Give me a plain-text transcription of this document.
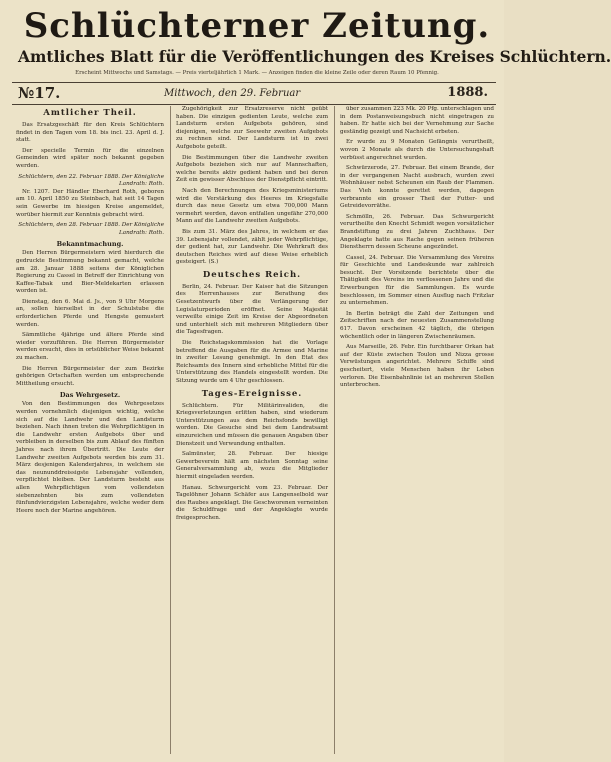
Schlüchterner Zeitung.
Amtliches Blatt für die Veröffentlichungen des Kreises Schlüchtern.
Erscheint Mittwochs und Samstags. — Preis vierteljährlich 1 Mark. — Anzeigen finden die kleine Zeile oder deren Raum 10 Pfennig.
№17.	Mittwoch, den 29. Februar	1888.
Amtlicher Theil.

Das Ersatzgeschäft für den Kreis Schlüchtern findet in den Tagen vom 18. bis incl. 23. April d. J. statt.

Der specielle Termin für die einzelnen Gemeinden wird später noch bekannt gegeben werden.

Schlüchtern, den 22. Februar 1888. Der Königliche Landrath: Roth.

Nr. 1207. Der Händler Eberhard Roth, geboren am 10. April 1850 zu Steinbach, hat seit 14 Tagen sein Gewerbe im hiesigen Kreise angemeldet, worüber hiermit zur Kenntnis gebracht wird.

Schlüchtern, den 28. Februar 1888. Der Königliche Landrath: Roth.
Bekanntmachung.

Den Herren Bürgermeistern wird hierdurch die gedruckte Bestimmung bekannt gemacht, welche am 28. Januar 1888 seitens der Königlichen Regierung zu Cassel in Betreff der Einrichtung von Kaffee-Tabak und Bier-Meldekarten erlassen worden ist.

Dienstag, den 6. Mai d. Js., von 9 Uhr Morgens an, sollen hierselbst in der Schulstube die erforderlichen Pferde und Hengste gemustert werden.

Sämmtliche 4jährige und ältere Pferde sind wieder vorzuführen. Die Herren Bürgermeister werden ersucht, dies in ortsüblicher Weise bekannt zu machen.

Die Herren Bürgermeister der zum Bezirke gehörigen Ortschaften werden um entsprechende Mittheilung ersucht.

Das Wehrgesetz.

Von den Bestimmungen des Wehrgesetzes werden vornehmlich diejenigen wichtig, welche sich auf die Landwehr und den Landsturm beziehen. Nach ihnen treten die Wehrpflichtigen in die Landwehr ersten Aufgebots über und verbleiben in derselben bis zum Ablauf des fünften Jahres nach ihrem Übertritt. Die Leute der Landwehr zweiten Aufgebots werden bis zum 31. März desjenigen Kalenderjahres, in welchem sie das neununddreissigste Lebensjahr vollenden, verpflichtet bleiben. Der Landsturm besteht aus allen Wehrpflichtigen vom vollendeten siebenzehnten bis zum vollendeten fünfundvierzigsten Lebensjahre, welche weder dem Heere noch der Marine angehören.

Zugehörigkeit zur Ersatzreserve nicht geübt haben. Die einzigen gedienten Leute, welche zum Landsturm ersten Aufgebots gehören, sind diejenigen, welche zur Seewehr zweiten Aufgebots zu rechnen sind. Der Landsturm ist in zwei Aufgebote geteilt.

Die Bestimmungen über die Landwehr zweiten Aufgebots beziehen sich nur auf Mannschaften, welche bereits aktiv gedient haben und bei deren Zeit ein gewisser Abschluss der Dienstpflicht eintritt.

Nach den Berechnungen des Kriegsministeriums wird die Verstärkung des Heeres im Kriegsfalle durch das neue Gesetz um etwa 700,000 Mann vermehrt werden, davon entfallen ungefähr 270,000 Mann auf die Landwehr zweiten Aufgebots.

Bis zum 31. März des Jahres, in welchem er das 39. Lebensjahr vollendet, zählt jeder Wehrpflichtige, der gedient hat, zur Landwehr. Die Wehrkraft des deutschen Reiches wird auf diese Weise erheblich gesteigert. (S.)

Deutsches Reich.

Berlin, 24. Februar. Der Kaiser hat die Sitzungen des Herrenhauses zur Berathung des Gesetzentwurfs über die Verlängerung der Legislaturperioden eröffnet. Seine Majestät verweilte einige Zeit im Kreise der Abgeordneten und unterhielt sich mit mehreren Mitgliedern über die Tagesfragen.

Die Reichstagskommission hat die Vorlage betreffend die Ausgaben für die Armee und Marine in zweiter Lesung genehmigt. In den Etat des Reichsamts des Innern sind erhebliche Mittel für die Unterstützung des Handels eingestellt worden. Die Sitzung wurde um 4 Uhr geschlossen.

Tages-Ereignisse.

Schlüchtern. Für Militärinvaliden, die Kriegsverletzungen erlitten haben, sind wiederum Unterstützungen aus dem Reichsfonds bewilligt worden. Die Gesuche sind bei dem Landratsamt einzureichen und müssen die genauen Angaben über Dienstzeit und Verwundung enthalten.

Salmünster, 28. Februar. Der hiesige Gewerbeverein hält am nächsten Sonntag seine Generalversammlung ab, wozu die Mitglieder hiermit eingeladen werden.

Hanau. Schwurgericht vom 23. Februar. Der Tagelöhner Johann Schäfer aus Langenselbold war des Raubes angeklagt. Die Geschworenen verneinten die Schuldfrage und der Angeklagte wurde freigesprochen.

über zusammen 223 Mk. 20 Pfg. unterschlagen und in dem Postanweisungsbuch nicht eingetragen zu haben. Er hatte sich bei der Vernehmung zur Sache geständig gezeigt und Nachsicht erbeten.

Er wurde zu 9 Monaten Gefängnis verurtheilt, wovon 2 Monate als durch die Untersuchungshaft verbüsst angerechnet wurden.

Schwürzerode, 27. Februar. Bei einem Brande, der in der vergangenen Nacht ausbrach, wurden zwei Wohnhäuser nebst Scheunen ein Raub der Flammen. Das Vieh konnte gerettet werden, dagegen verbrannte ein grosser Theil der Futter- und Getreidevorräthe.

Schmölln, 26. Februar. Das Schwurgericht verurtheilte den Knecht Schmidt wegen vorsätzlicher Brandstiftung zu drei Jahren Zuchthaus. Der Angeklagte hatte aus Rache gegen seinen früheren Dienstherrn dessen Scheune angezündet.

Cassel, 24. Februar. Die Versammlung des Vereins für Geschichte und Landeskunde war zahlreich besucht. Der Vorsitzende berichtete über die Thätigkeit des Vereins im verflossenen Jahre und die Erwerbungen für die Sammlungen. Es wurde beschlossen, im Sommer einen Ausflug nach Fritzlar zu unternehmen.

In Berlin beträgt die Zahl der Zeitungen und Zeitschriften nach der neuesten Zusammenstellung 617. Davon erscheinen 42 täglich, die übrigen wöchentlich oder in längeren Zwischenräumen.

Aus Marseille, 26. Febr. Ein furchtbarer Orkan hat auf der Küste zwischen Toulon und Nizza grosse Verwüstungen angerichtet. Mehrere Schiffe sind gescheitert, viele Menschen haben ihr Leben verloren. Die Eisenbahnlinie ist an mehreren Stellen unterbrochen.
